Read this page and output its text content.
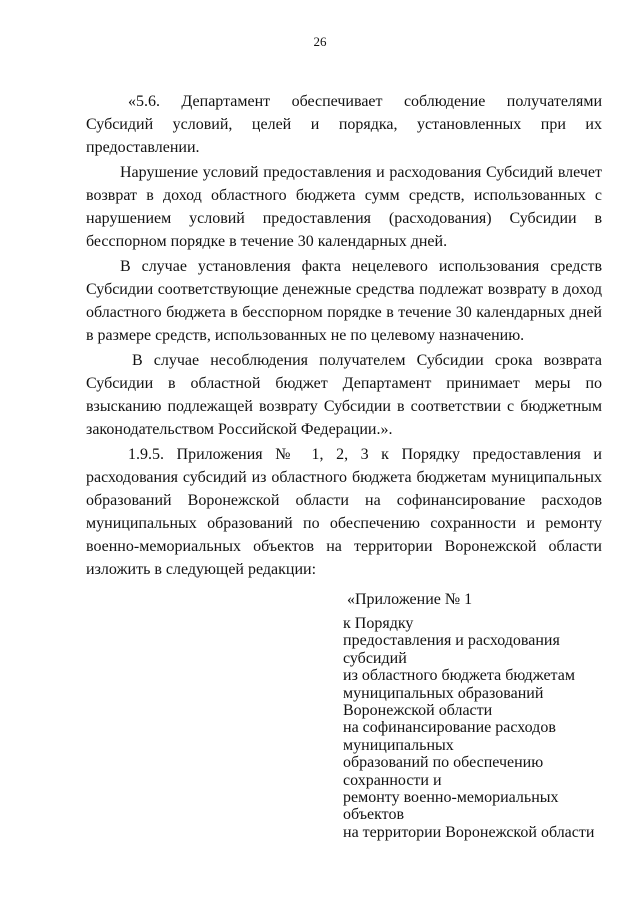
26

«5.6. Департамент обеспечивает соблюдение получателями Субсидий условий, целей и порядка, установленных при их предоставлении.

Нарушение условий предоставления и расходования Субсидий влечет возврат в доход областного бюджета сумм средств, использованных с нарушением условий предоставления (расходования) Субсидии в бесспорном порядке в течение 30 календарных дней.

В случае установления факта нецелевого использования средств Субсидии соответствующие денежные средства подлежат возврату в доход областного бюджета в бесспорном порядке в течение 30 календарных дней в размере средств, использованных не по целевому назначению.

В случае несоблюдения получателем Субсидии срока возврата Субсидии в областной бюджет Департамент принимает меры по взысканию подлежащей возврату Субсидии в соответствии с бюджетным законодательством Российской Федерации.».

1.9.5. Приложения № 1, 2, 3 к Порядку предоставления и расходования субсидий из областного бюджета бюджетам муниципальных образований Воронежской области на софинансирование расходов муниципальных образований по обеспечению сохранности и ремонту военно-мемориальных объектов на территории Воронежской области изложить в следующей редакции:

«Приложение № 1

к Порядку
предоставления и расходования
субсидий
из областного бюджета бюджетам
муниципальных образований
Воронежской области
на софинансирование расходов
муниципальных
образований по обеспечению
сохранности и
ремонту военно-мемориальных
объектов
на территории Воронежской области
